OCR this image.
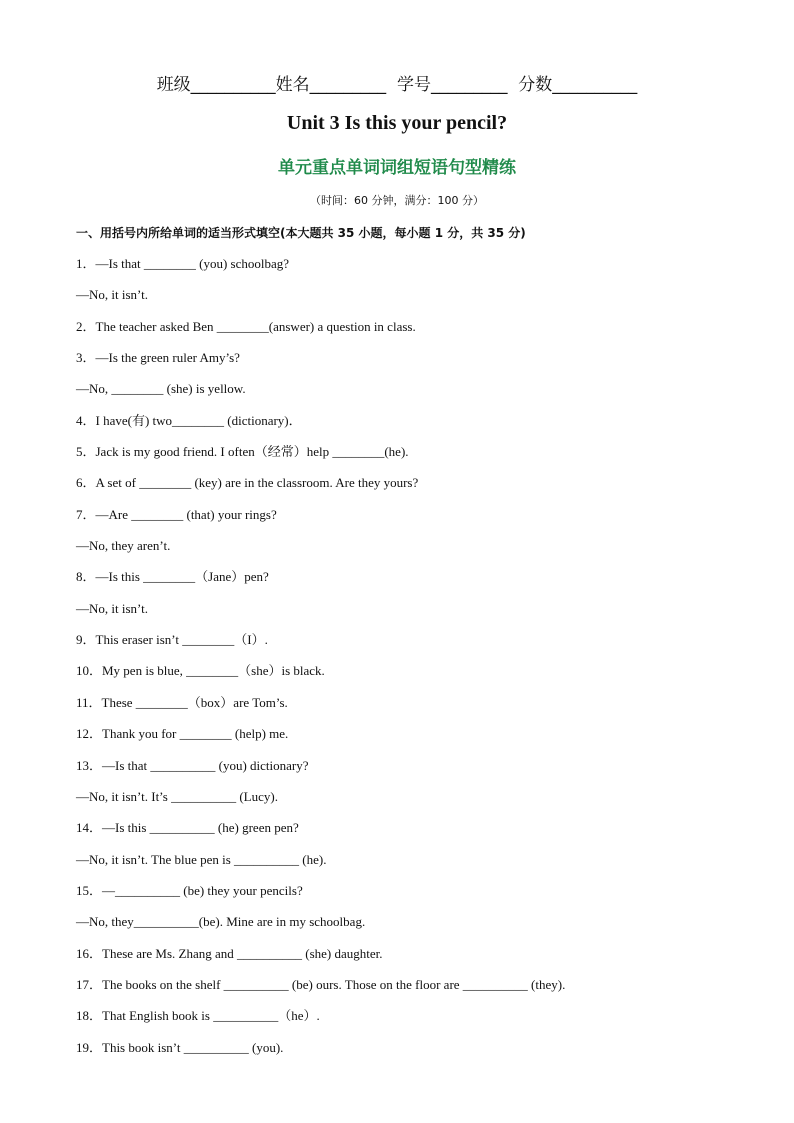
班级__________姓名_________  学号_________  分数__________
Unit 3 Is this your pencil?
单元重点单词词组短语句型精练
（时间：60 分钟，满分：100 分）
一、用括号内所给单词的适当形式填空(本大题共 35 小题，每小题 1 分，共 35 分)
1．—Is that ________ (you) schoolbag?
—No, it isn’t.
2．The teacher asked Ben ________(answer) a question in class.
3．—Is the green ruler Amy’s?
—No, ________ (she) is yellow.
4．I have(有) two________ (dictionary)．
5．Jack is my good friend. I often（经常）help ________(he).
6．A set of ________ (key) are in the classroom. Are they yours?
7．—Are ________ (that) your rings?
—No, they aren’t.
8．—Is this ________（Jane）pen?
—No, it isn’t.
9．This eraser isn’t ________（I）.
10．My pen is blue, ________（she）is black.
11．These ________（box）are Tom’s.
12．Thank you for ________ (help) me.
13．—Is that __________ (you) dictionary?
—No, it isn’t. It’s __________ (Lucy).
14．—Is this __________ (he) green pen?
—No, it isn’t. The blue pen is __________ (he).
15．—__________ (be) they your pencils?
—No, they__________(be). Mine are in my schoolbag.
16．These are Ms. Zhang and __________ (she) daughter.
17．The books on the shelf __________ (be) ours. Those on the floor are __________ (they).
18．That English book is __________（he）.
19．This book isn’t __________ (you).
